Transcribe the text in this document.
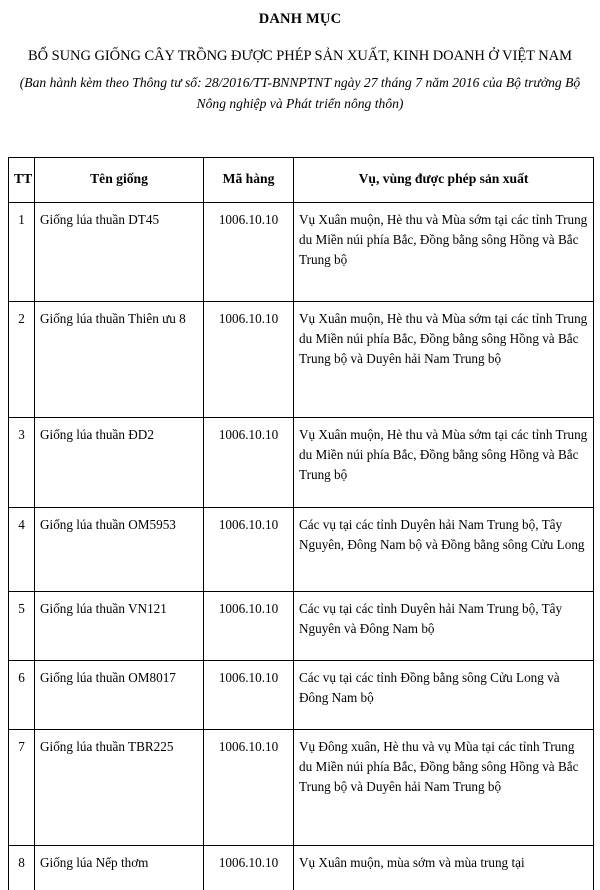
DANH MỤC
BỔ SUNG GIỐNG CÂY TRỒNG ĐƯỢC PHÉP SẢN XUẤT, KINH DOANH Ở VIỆT NAM
(Ban hành kèm theo Thông tư số: 28/2016/TT-BNNPTNT ngày 27 tháng 7 năm 2016 của Bộ trưởng Bộ Nông nghiệp và Phát triển nông thôn)
TT	Tên giống	Mã hàng	Vụ, vùng được phép sản xuất
1	Giống lúa thuần DT45	1006.10.10	Vụ Xuân muộn, Hè thu và Mùa sớm tại các tỉnh Trung du Miền núi phía Bắc, Đồng bằng sông Hồng và Bắc Trung bộ
2	Giống lúa thuần Thiên ưu 8	1006.10.10	Vụ Xuân muộn, Hè thu và Mùa sớm tại các tỉnh Trung du Miền núi phía Bắc, Đồng bằng sông Hồng và Bắc Trung bộ và Duyên hải Nam Trung bộ
3	Giống lúa thuần ĐD2	1006.10.10	Vụ Xuân muộn, Hè thu và Mùa sớm tại các tỉnh Trung du Miền núi phía Bắc, Đồng bằng sông Hồng và Bắc Trung bộ
4	Giống lúa thuần OM5953	1006.10.10	Các vụ tại các tỉnh Duyên hải Nam Trung bộ, Tây Nguyên, Đông Nam bộ và Đồng bằng sông Cửu Long
5	Giống lúa thuần VN121	1006.10.10	Các vụ tại các tỉnh Duyên hải Nam Trung bộ, Tây Nguyên và Đông Nam bộ
6	Giống lúa thuần OM8017	1006.10.10	Các vụ tại các tỉnh Đồng bằng sông Cửu Long và Đông Nam bộ
7	Giống lúa thuần TBR225	1006.10.10	Vụ Đông xuân, Hè thu và vụ Mùa tại các tỉnh Trung du Miền núi phía Bắc, Đồng bằng sông Hồng và Bắc Trung bộ và Duyên hải Nam Trung bộ
8	Giống lúa Nếp thơm	1006.10.10	Vụ Xuân muộn, mùa sớm và mùa trung tại
